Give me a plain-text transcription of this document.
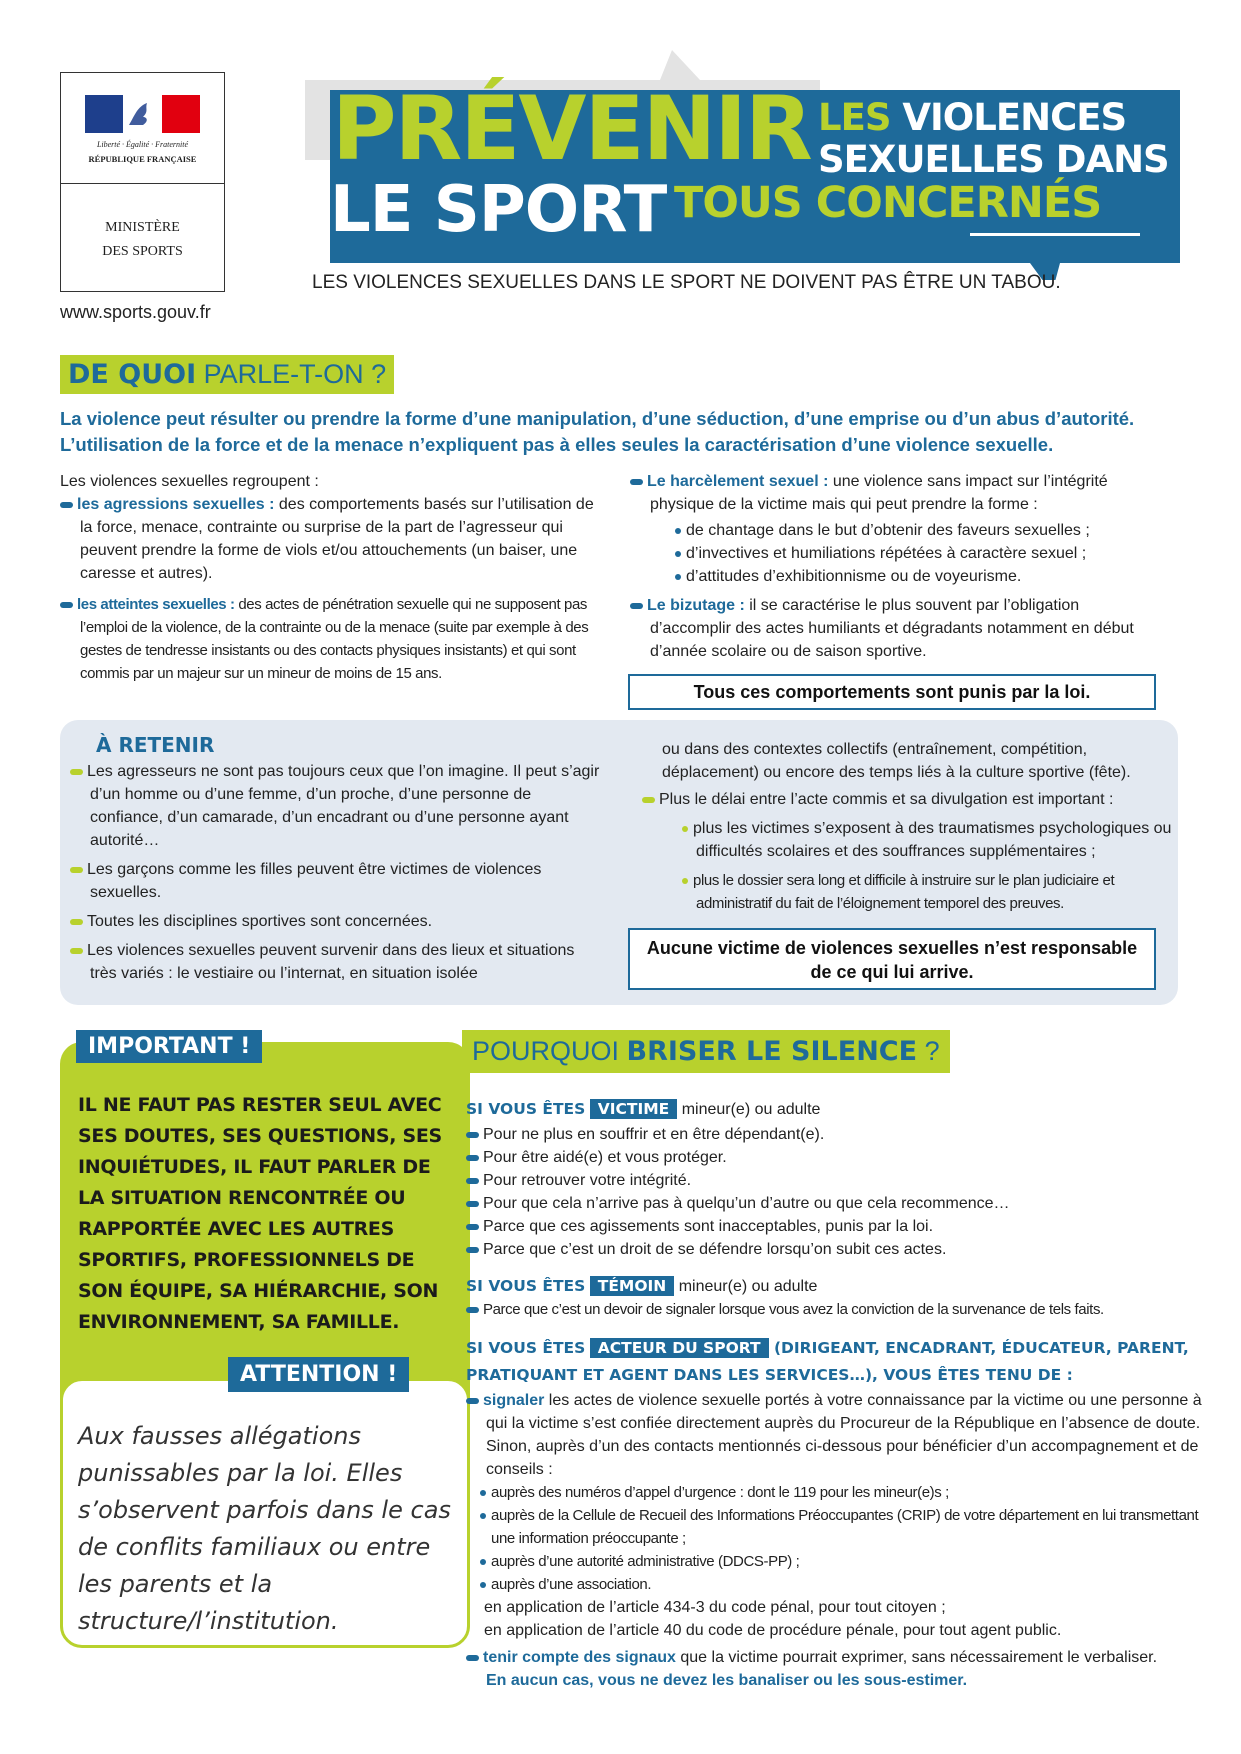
Liberté · Égalité · Fraternité
RÉPUBLIQUE FRANÇAISE
MINISTÈRE
DES SPORTS
www.sports.gouv.fr
PRÉVENIR LES VIOLENCES
SEXUELLES DANS
LE SPORT TOUS CONCERNÉS
LES VIOLENCES SEXUELLES DANS LE SPORT NE DOIVENT PAS ÊTRE UN TABOU.
DE QUOI PARLE-T-ON ?
La violence peut résulter ou prendre la forme d’une manipulation, d’une séduction, d’une emprise ou d’un abus d’autorité.
L’utilisation de la force et de la menace n’expliquent pas à elles seules la caractérisation d’une violence sexuelle.
Les violences sexuelles regroupent :
les agressions sexuelles : des comportements basés sur l’utilisation de la force, menace, contrainte ou surprise de la part de l’agresseur qui peuvent prendre la forme de viols et/ou attouchements (un baiser, une caresse et autres).
les atteintes sexuelles : des actes de pénétration sexuelle qui ne supposent pas l’emploi de la violence, de la contrainte ou de la menace (suite par exemple à des gestes de tendresse insistants ou des contacts physiques insistants) et qui sont commis par un majeur sur un mineur de moins de 15 ans.
Le harcèlement sexuel : une violence sans impact sur l’intégrité physique de la victime mais qui peut prendre la forme :
de chantage dans le but d’obtenir des faveurs sexuelles ;
d’invectives et humiliations répétées à caractère sexuel ;
d’attitudes d’exhibitionnisme ou de voyeurisme.
Le bizutage : il se caractérise le plus souvent par l’obligation d’accomplir des actes humiliants et dégradants notamment en début d’année scolaire ou de saison sportive.
Tous ces comportements sont punis par la loi.
À RETENIR
Les agresseurs ne sont pas toujours ceux que l’on imagine. Il peut s’agir d’un homme ou d’une femme, d’un proche, d’une personne de confiance, d’un camarade, d’un encadrant ou d’une personne ayant autorité…
Les garçons comme les filles peuvent être victimes de violences sexuelles.
Toutes les disciplines sportives sont concernées.
Les violences sexuelles peuvent survenir dans des lieux et situations très variés : le vestiaire ou l’internat, en situation isolée
ou dans des contextes collectifs (entraînement, compétition, déplacement) ou encore des temps liés à la culture sportive (fête).
Plus le délai entre l’acte commis et sa divulgation est important :
plus les victimes s’exposent à des traumatismes psychologiques ou difficultés scolaires et des souffrances supplémentaires ;
plus le dossier sera long et difficile à instruire sur le plan judiciaire et administratif du fait de l’éloignement temporel des preuves.
Aucune victime de violences sexuelles n’est responsable de ce qui lui arrive.
IMPORTANT !
IL NE FAUT PAS RESTER SEUL AVEC SES DOUTES, SES QUESTIONS, SES INQUIÉTUDES, IL FAUT PARLER DE LA SITUATION RENCONTRÉE OU RAPPORTÉE AVEC LES AUTRES SPORTIFS, PROFESSIONNELS DE SON ÉQUIPE, SA HIÉRARCHIE, SON ENVIRONNEMENT, SA FAMILLE.
ATTENTION !
Aux fausses allégations punissables par la loi. Elles s’observent parfois dans le cas de conflits familiaux ou entre les parents et la structure/l’institution.
POURQUOI BRISER LE SILENCE ?
SI VOUS ÊTES VICTIME mineur(e) ou adulte
Pour ne plus en souffrir et en être dépendant(e).
Pour être aidé(e) et vous protéger.
Pour retrouver votre intégrité.
Pour que cela n’arrive pas à quelqu’un d’autre ou que cela recommence…
Parce que ces agissements sont inacceptables, punis par la loi.
Parce que c’est un droit de se défendre lorsqu’on subit ces actes.
SI VOUS ÊTES TÉMOIN mineur(e) ou adulte
Parce que c’est un devoir de signaler lorsque vous avez la conviction de la survenance de tels faits.
SI VOUS ÊTES ACTEUR DU SPORT (DIRIGEANT, ENCADRANT, ÉDUCATEUR, PARENT, PRATIQUANT ET AGENT DANS LES SERVICES…), VOUS ÊTES TENU DE :
signaler les actes de violence sexuelle portés à votre connaissance par la victime ou une personne à qui la victime s’est confiée directement auprès du Procureur de la République en l’absence de doute. Sinon, auprès d’un des contacts mentionnés ci-dessous pour bénéficier d’un accompagnement et de conseils :
auprès des numéros d’appel d’urgence : dont le 119 pour les mineur(e)s ;
auprès de la Cellule de Recueil des Informations Préoccupantes (CRIP) de votre département en lui transmettant une information préoccupante ;
auprès d’une autorité administrative (DDCS-PP) ;
auprès d’une association.
en application de l’article 434-3 du code pénal, pour tout citoyen ;
en application de l’article 40 du code de procédure pénale, pour tout agent public.
tenir compte des signaux que la victime pourrait exprimer, sans nécessairement le verbaliser.
En aucun cas, vous ne devez les banaliser ou les sous-estimer.
